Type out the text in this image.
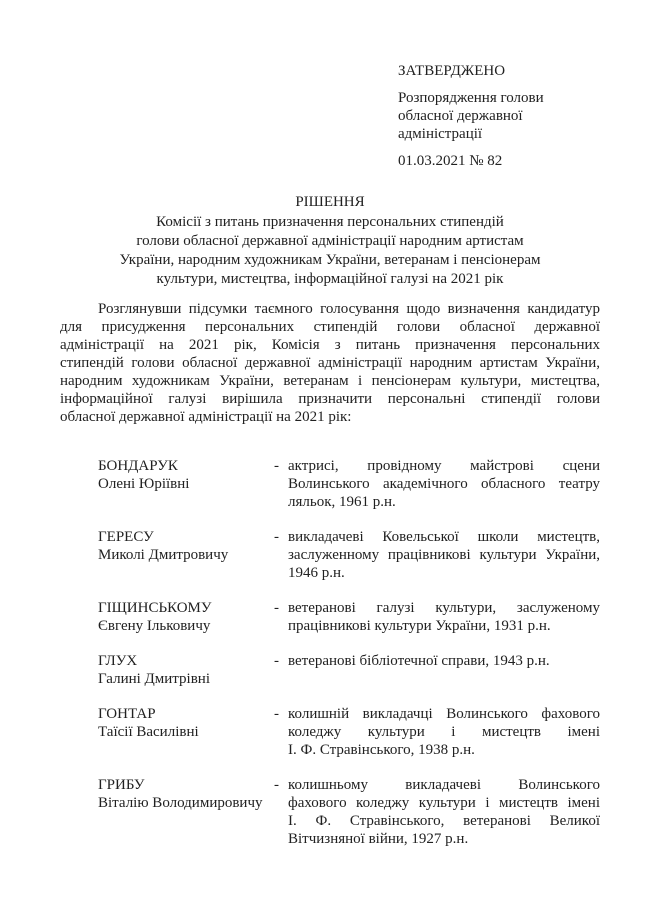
ЗАТВЕРДЖЕНО
Розпорядження голови
обласної державної адміністрації
01.03.2021 № 82
РІШЕННЯ
Комісії з питань призначення персональних стипендій
голови обласної державної адміністрації народним артистам
України, народним художникам України, ветеранам і пенсіонерам
культури, мистецтва, інформаційної галузі на 2021 рік
Розглянувши підсумки таємного голосування щодо визначення кандидатур
для присудження персональних стипендій голови обласної державної
адміністрації на 2021 рік, Комісія з питань призначення персональних
стипендій голови обласної державної адміністрації народним артистам України,
народним художникам України, ветеранам і пенсіонерам культури, мистецтва,
інформаційної галузі вирішила призначити персональні стипендії голови
обласної державної адміністрації на 2021 рік:
БОНДАРУК
Олені Юріївні
- актрисі, провідному майстрові сцени
Волинського академічного обласного театру
ляльок, 1961 р.н.
ГЕРЕСУ
Миколі Дмитровичу
- викладачеві Ковельської школи мистецтв,
заслуженному працівникові культури України,
1946 р.н.
ГІЩИНСЬКОМУ
Євгену Ільковичу
- ветеранові галузі культури, заслуженому
працівникові культури України, 1931 р.н.
ГЛУХ
Галині Дмитрівні
- ветеранові бібліотечної справи, 1943 р.н.
ГОНТАР
Таїсії Василівні
- колишній викладачці Волинського фахового
коледжу культури і мистецтв імені
І. Ф. Стравінського, 1938 р.н.
ГРИБУ
Віталію Володимировичу
- колишньому викладачеві Волинського
фахового коледжу культури і мистецтв імені
І. Ф. Стравінського, ветеранові Великої
Вітчизняної війни, 1927 р.н.
